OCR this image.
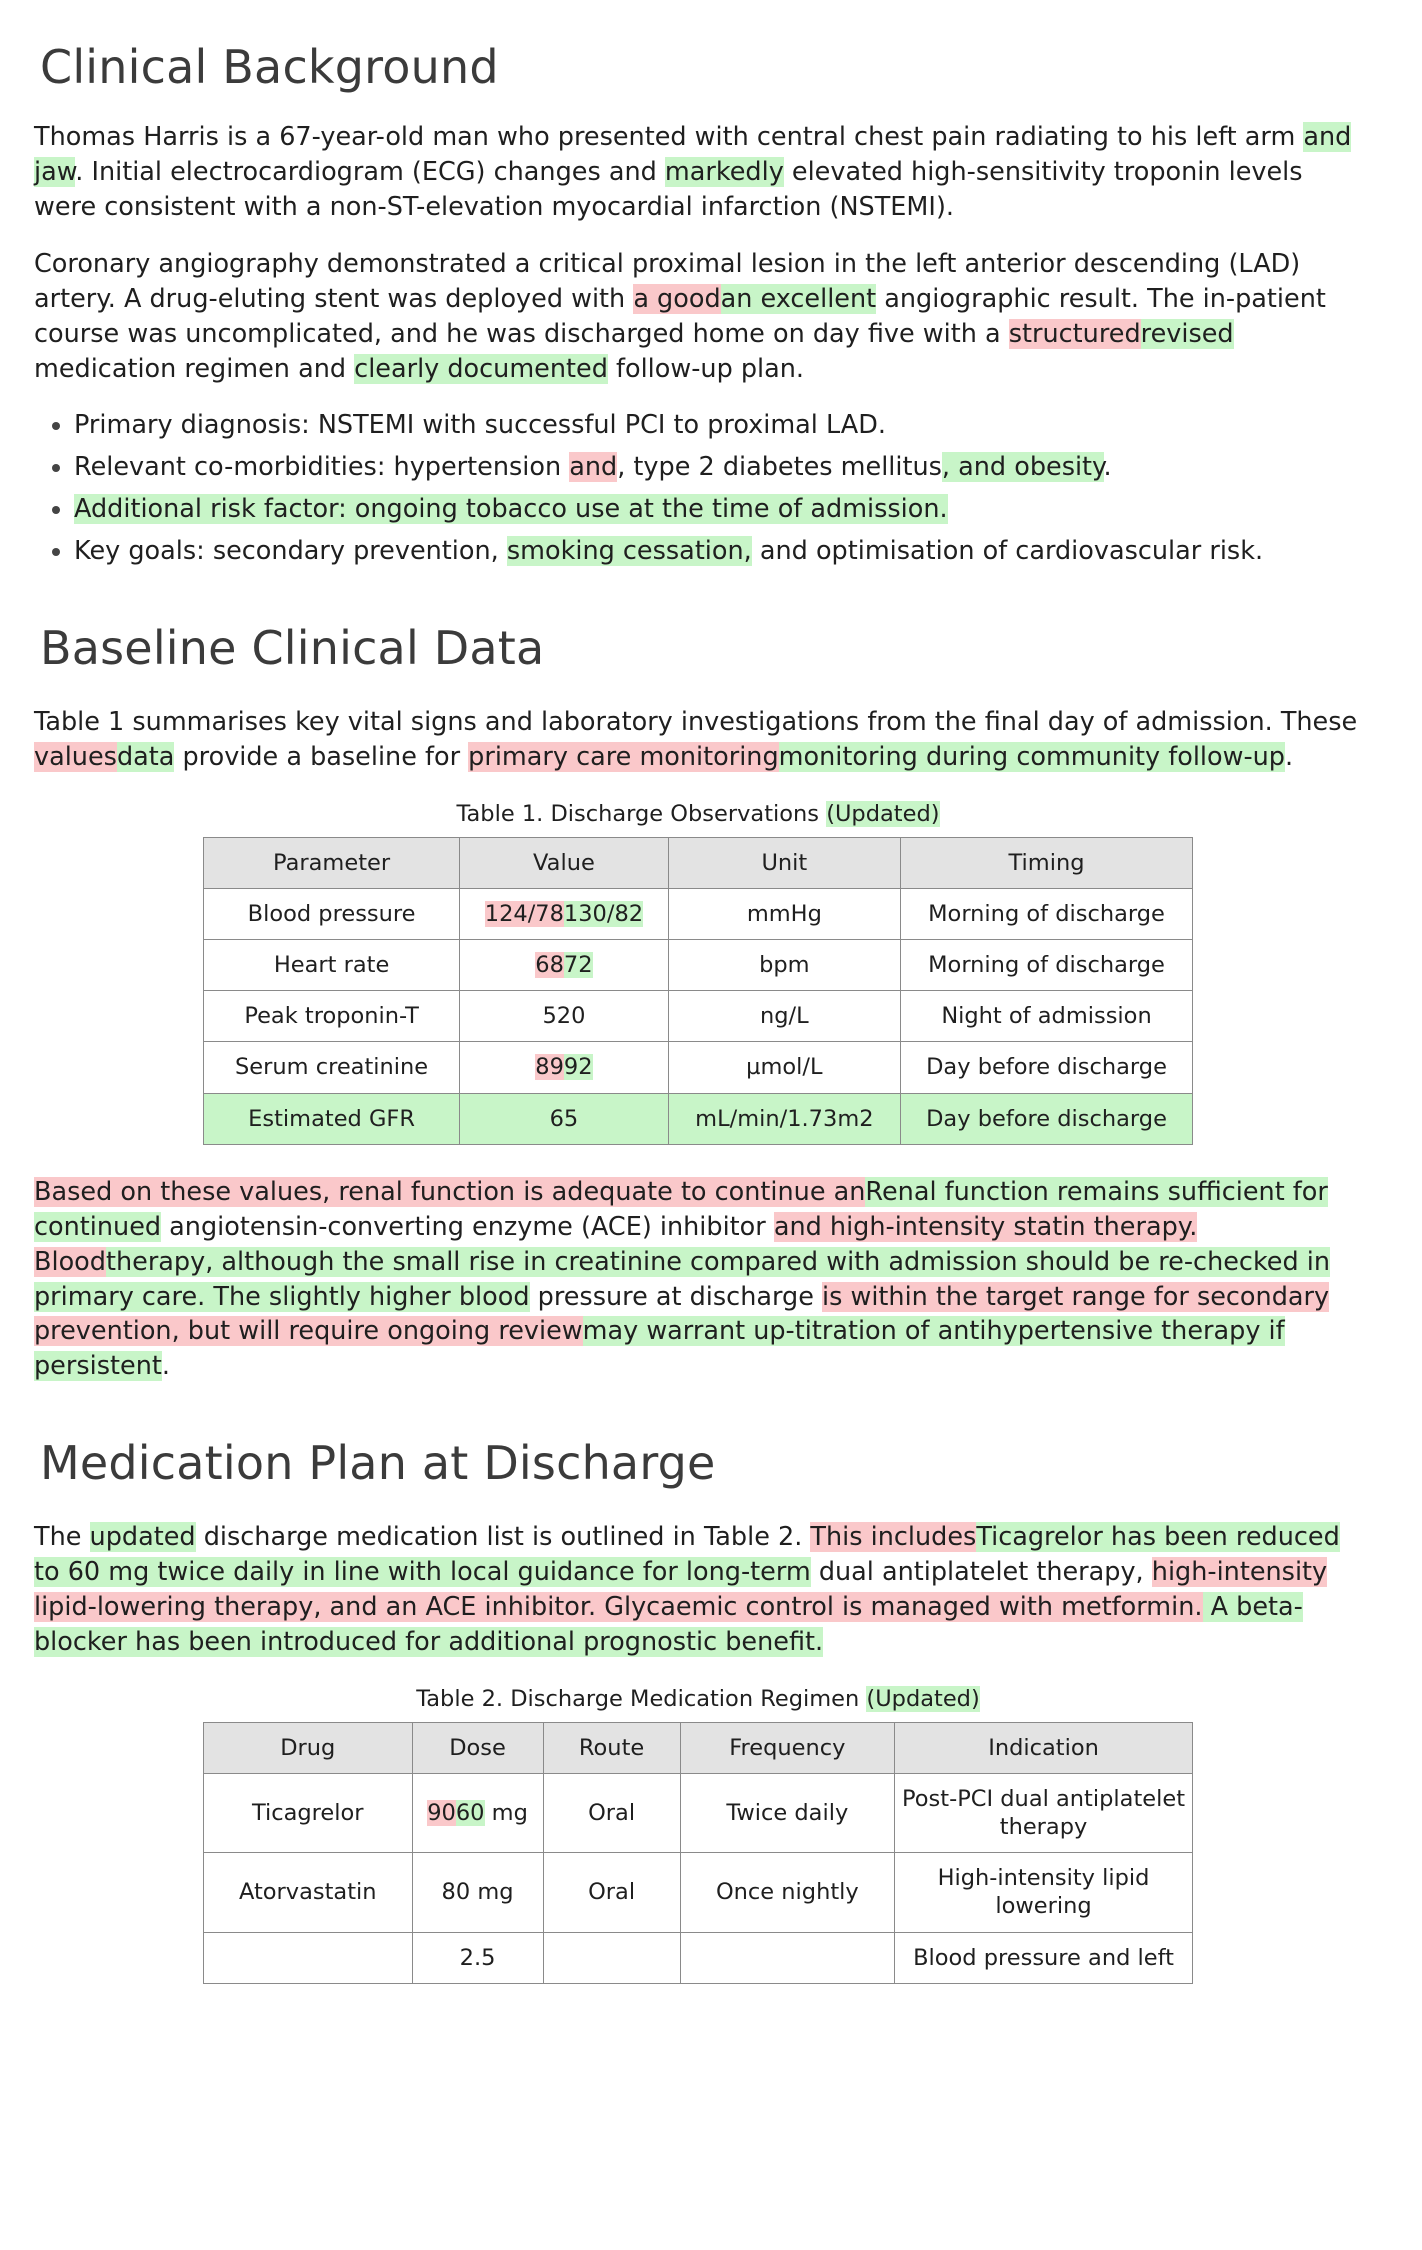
Clinical Background

Thomas Harris is a 67-year-old man who presented with central chest pain radiating to his left arm and jaw. Initial electrocardiogram (ECG) changes and markedly elevated high-sensitivity troponin levels were consistent with a non-ST-elevation myocardial infarction (NSTEMI).

Coronary angiography demonstrated a critical proximal lesion in the left anterior descending (LAD) artery. A drug-eluting stent was deployed with a goodan excellent angiographic result. The in-patient course was uncomplicated, and he was discharged home on day five with a structuredrevised medication regimen and clearly documented follow-up plan.

• Primary diagnosis: NSTEMI with successful PCI to proximal LAD.
• Relevant co-morbidities: hypertension and, type 2 diabetes mellitus, and obesity.
• Additional risk factor: ongoing tobacco use at the time of admission.
• Key goals: secondary prevention, smoking cessation, and optimisation of cardiovascular risk.
Baseline Clinical Data

Table 1 summarises key vital signs and laboratory investigations from the final day of admission. These valuesdata provide a baseline for primary care monitoringmonitoring during community follow-up.

Table 1. Discharge Observations (Updated)
Parameter	Value	Unit	Timing
Blood pressure	124/78130/82	mmHg	Morning of discharge
Heart rate	6872	bpm	Morning of discharge
Peak troponin-T	520	ng/L	Night of admission
Serum creatinine	8992	µmol/L	Day before discharge
Estimated GFR	65	mL/min/1.73m2	Day before discharge

Based on these values, renal function is adequate to continue anRenal function remains sufficient for continued angiotensin-converting enzyme (ACE) inhibitor and high-intensity statin therapy. Bloodtherapy, although the small rise in creatinine compared with admission should be re-checked in primary care. The slightly higher blood pressure at discharge is within the target range for secondary prevention, but will require ongoing reviewmay warrant up-titration of antihypertensive therapy if persistent.

Medication Plan at Discharge

The updated discharge medication list is outlined in Table 2. This includesTicagrelor has been reduced to 60 mg twice daily in line with local guidance for long-term dual antiplatelet therapy, high-intensity lipid-lowering therapy, and an ACE inhibitor. Glycaemic control is managed with metformin. A beta-blocker has been introduced for additional prognostic benefit.

Table 2. Discharge Medication Regimen (Updated)
Drug	Dose	Route	Frequency	Indication
Ticagrelor	9060 mg	Oral	Twice daily	Post-PCI dual antiplatelet therapy
Atorvastatin	80 mg	Oral	Once nightly	High-intensity lipid lowering
	2.5			Blood pressure and left
